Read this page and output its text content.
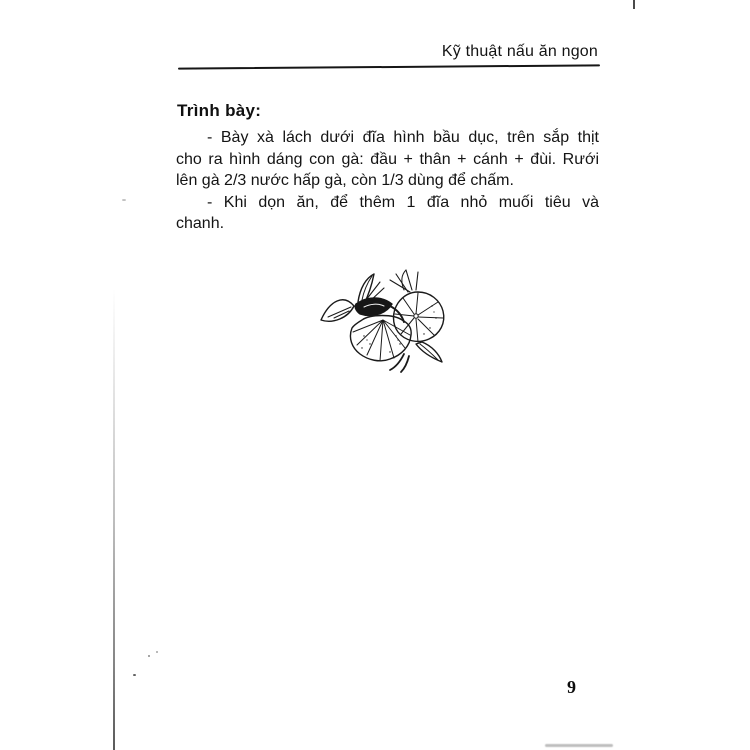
Kỹ thuật nấu ăn ngon
Trình bày:
- Bày xà lách dưới đĩa hình bầu dục, trên sắp thịt
cho ra hình dáng con gà: đầu + thân + cánh + đùi. Rưới
lên gà 2/3 nước hấp gà, còn 1/3 dùng để chấm.
- Khi dọn ăn, để thêm 1 đĩa nhỏ muối tiêu và
chanh.
9
